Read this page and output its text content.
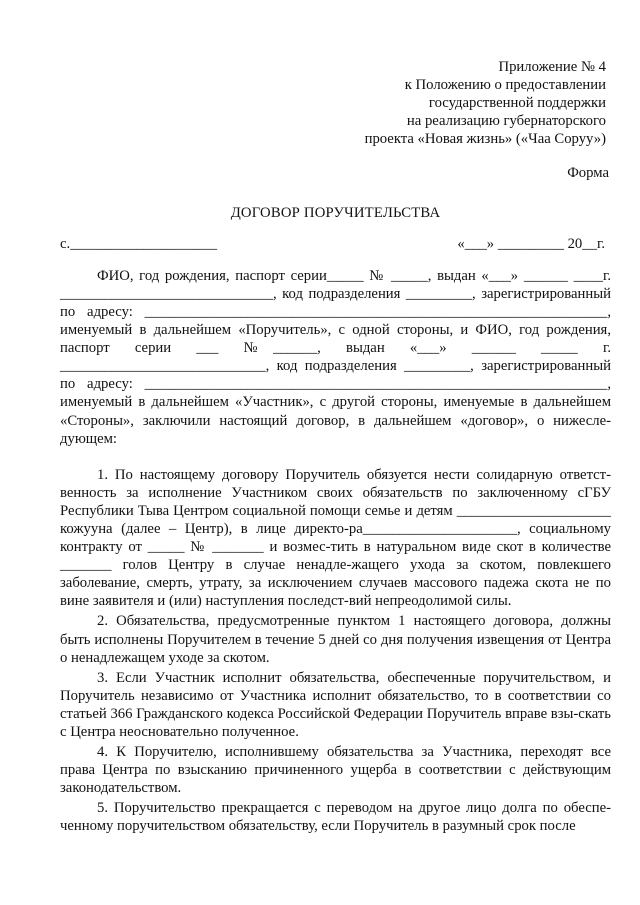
Приложение № 4
к Положению о предоставлении
государственной поддержки
на реализацию губернаторского
проекта «Новая жизнь» («Чаа Соруу»)
Форма
ДОГОВОР ПОРУЧИТЕЛЬСТВА
с.____________________	«___» _________ 20__г.

ФИО, год рождения, паспорт серии_____ № _____, выдан «___» ______ ____г.

_____________________________, код подразделения _________, зарегистрированный

по адресу: _______________________________________________________________,

именуемый в дальнейшем «Поручитель», с одной стороны, и ФИО, год рождения,

паспорт серии ___ №______, выдан «___» ______ _____ г.

____________________________, код подразделения _________, зарегистрированный

по адресу: _______________________________________________________________,

именуемый в дальнейшем «Участник», с другой стороны, именуемые в дальнейшем

«Стороны», заключили настоящий договор, в дальнейшем «договор», о нижесле-

дующем:

1. По настоящему договору Поручитель обязуется нести солидарную ответст-венность за исполнение Участником своих обязательств по заключенному сГБУ Республики Тыва Центром социальной помощи семье и детям _____________________ кожууна (далее – Центр), в лице директо-ра_____________________, социальному контракту от _____ № _______ и возмес-тить в натуральном виде скот в количестве _______ голов Центру в случае ненадле-жащего ухода за скотом, повлекшего заболевание, смерть, утрату, за исключением случаев массового падежа скота не по вине заявителя и (или) наступления последст-вий непреодолимой силы.

2. Обязательства, предусмотренные пунктом 1 настоящего договора, должны быть исполнены Поручителем в течение 5 дней со дня получения извещения от Центра о ненадлежащем уходе за скотом.

3. Если Участник исполнит обязательства, обеспеченные поручительством, и Поручитель независимо от Участника исполнит обязательство, то в соответствии со статьей 366 Гражданского кодекса Российской Федерации Поручитель вправе взы-скать с Центра неосновательно полученное.

4. К Поручителю, исполнившему обязательства за Участника, переходят все права Центра по взысканию причиненного ущерба в соответствии с действующим законодательством.

5. Поручительство прекращается с переводом на другое лицо долга по обеспе-ченному поручительством обязательству, если Поручитель в разумный срок после
